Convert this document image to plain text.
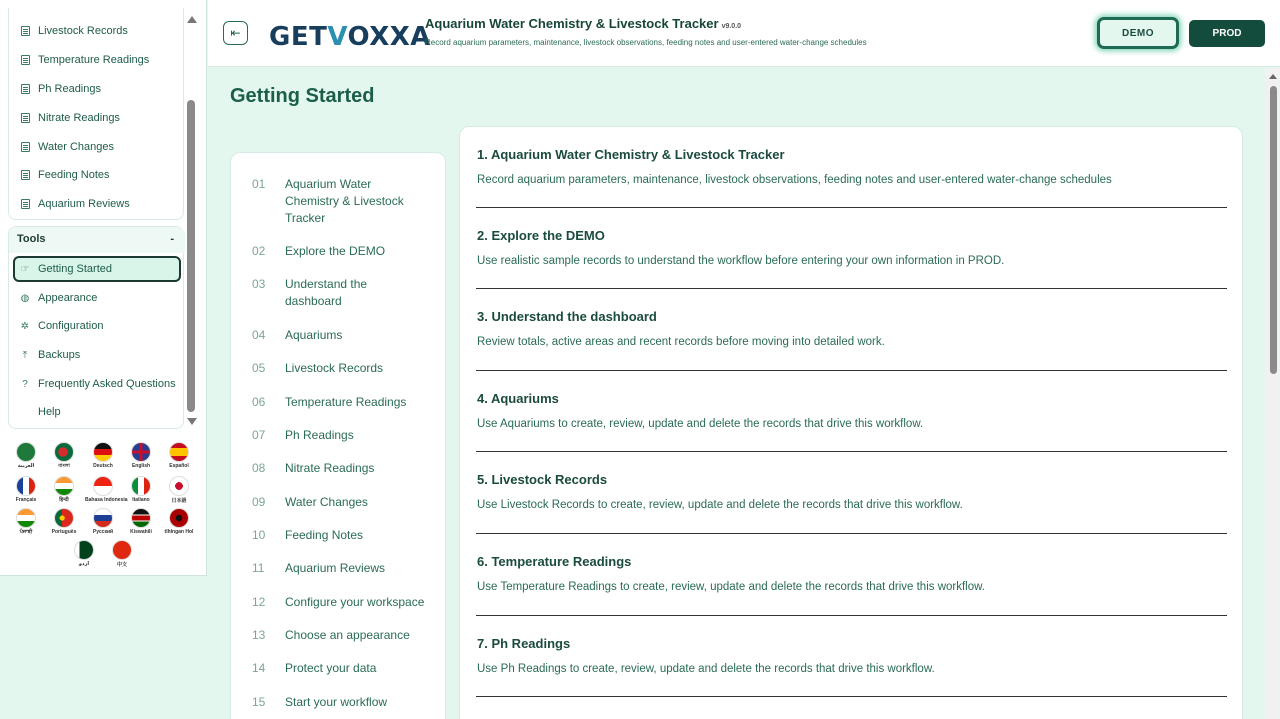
Livestock Records
Temperature Readings
Ph Readings
Nitrate Readings
Water Changes
Feeding Notes
Aquarium Reviews
Tools	-
☞ Getting Started
◍ Appearance
✲ Configuration
⤒ Backups
? Frequently Asked Questions
Help
العربية	বাংলা	Deutsch	English	Español
Français	हिन्दी	Bahasa Indonesia Italiano	日本語
ਪੰਜਾਬੀ	Português	Русский	Kiswahili	tlhIngan Hol
اردو	中文
⇤ GETVOXXA
Aquarium Water Chemistry & Livestock Tracker v9.0.0
Record aquarium parameters, maintenance, livestock observations, feeding notes and user-entered water-change schedules
DEMO	PROD
Getting Started
01	Aquarium Water Chemistry & Livestock Tracker
02	Explore the DEMO
03	Understand the dashboard
04	Aquariums
05	Livestock Records
06	Temperature Readings
07	Ph Readings
08	Nitrate Readings
09	Water Changes
10	Feeding Notes
11	Aquarium Reviews
12	Configure your workspace
13	Choose an appearance
14	Protect your data
15	Start your workflow
1. Aquarium Water Chemistry & Livestock Tracker
Record aquarium parameters, maintenance, livestock observations, feeding notes and user-entered water-change schedules
2. Explore the DEMO
Use realistic sample records to understand the workflow before entering your own information in PROD.
3. Understand the dashboard
Review totals, active areas and recent records before moving into detailed work.
4. Aquariums
Use Aquariums to create, review, update and delete the records that drive this workflow.
5. Livestock Records
Use Livestock Records to create, review, update and delete the records that drive this workflow.
6. Temperature Readings
Use Temperature Readings to create, review, update and delete the records that drive this workflow.
7. Ph Readings
Use Ph Readings to create, review, update and delete the records that drive this workflow.
